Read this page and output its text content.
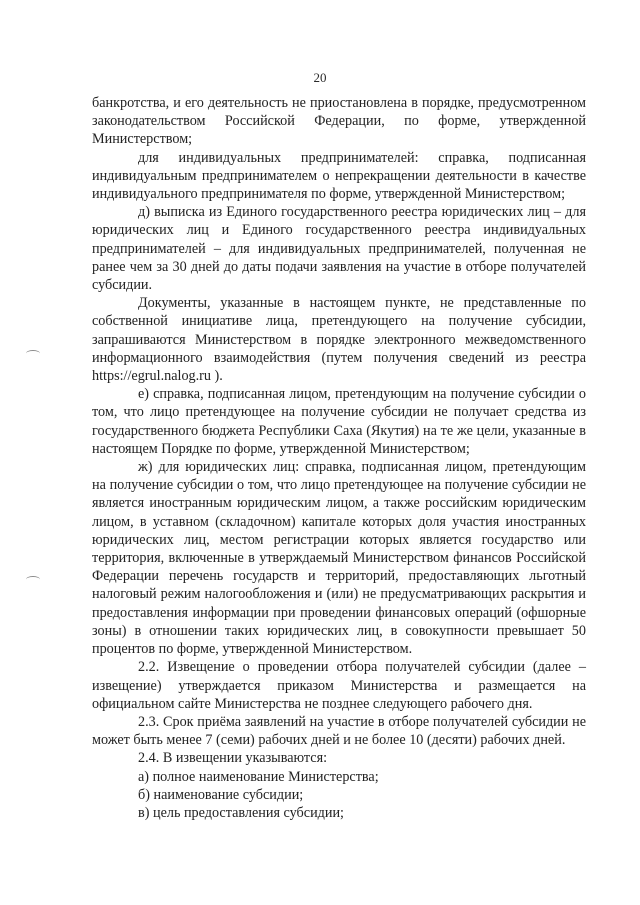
20

банкротства, и его деятельность не приостановлена в порядке, предусмотренном законодательством Российской Федерации, по форме, утвержденной Министерством;

для индивидуальных предпринимателей: справка, подписанная индивидуальным предпринимателем о непрекращении деятельности в качестве индивидуального предпринимателя по форме, утвержденной Министерством;

д) выписка из Единого государственного реестра юридических лиц – для юридических лиц и Единого государственного реестра индивидуальных предпринимателей – для индивидуальных предпринимателей, полученная не ранее чем за 30 дней до даты подачи заявления на участие в отборе получателей субсидии.

Документы, указанные в настоящем пункте, не представленные по собственной инициативе лица, претендующего на получение субсидии, запрашиваются Министерством в порядке электронного межведомственного информационного взаимодействия (путем получения сведений из реестра https://egrul.nalog.ru ).

е) справка, подписанная лицом, претендующим на получение субсидии о том, что лицо претендующее на получение субсидии не получает средства из государственного бюджета Республики Саха (Якутия) на те же цели, указанные в настоящем Порядке по форме, утвержденной Министерством;

ж) для юридических лиц: справка, подписанная лицом, претендующим на получение субсидии о том, что лицо претендующее на получение субсидии не является иностранным юридическим лицом, а также российским юридическим лицом, в уставном (складочном) капитале которых доля участия иностранных юридических лиц, местом регистрации которых является государство или территория, включенные в утверждаемый Министерством финансов Российской Федерации перечень государств и территорий, предоставляющих льготный налоговый режим налогообложения и (или) не предусматривающих раскрытия и предоставления информации при проведении финансовых операций (офшорные зоны) в отношении таких юридических лиц, в совокупности превышает 50 процентов по форме, утвержденной Министерством.

2.2. Извещение о проведении отбора получателей субсидии (далее – извещение) утверждается приказом Министерства и размещается на официальном сайте Министерства не позднее следующего рабочего дня.

2.3. Срок приёма заявлений на участие в отборе получателей субсидии не может быть менее 7 (семи) рабочих дней и не более 10 (десяти) рабочих дней.

2.4. В извещении указываются:

а) полное наименование Министерства;

б) наименование субсидии;

в) цель предоставления субсидии;
